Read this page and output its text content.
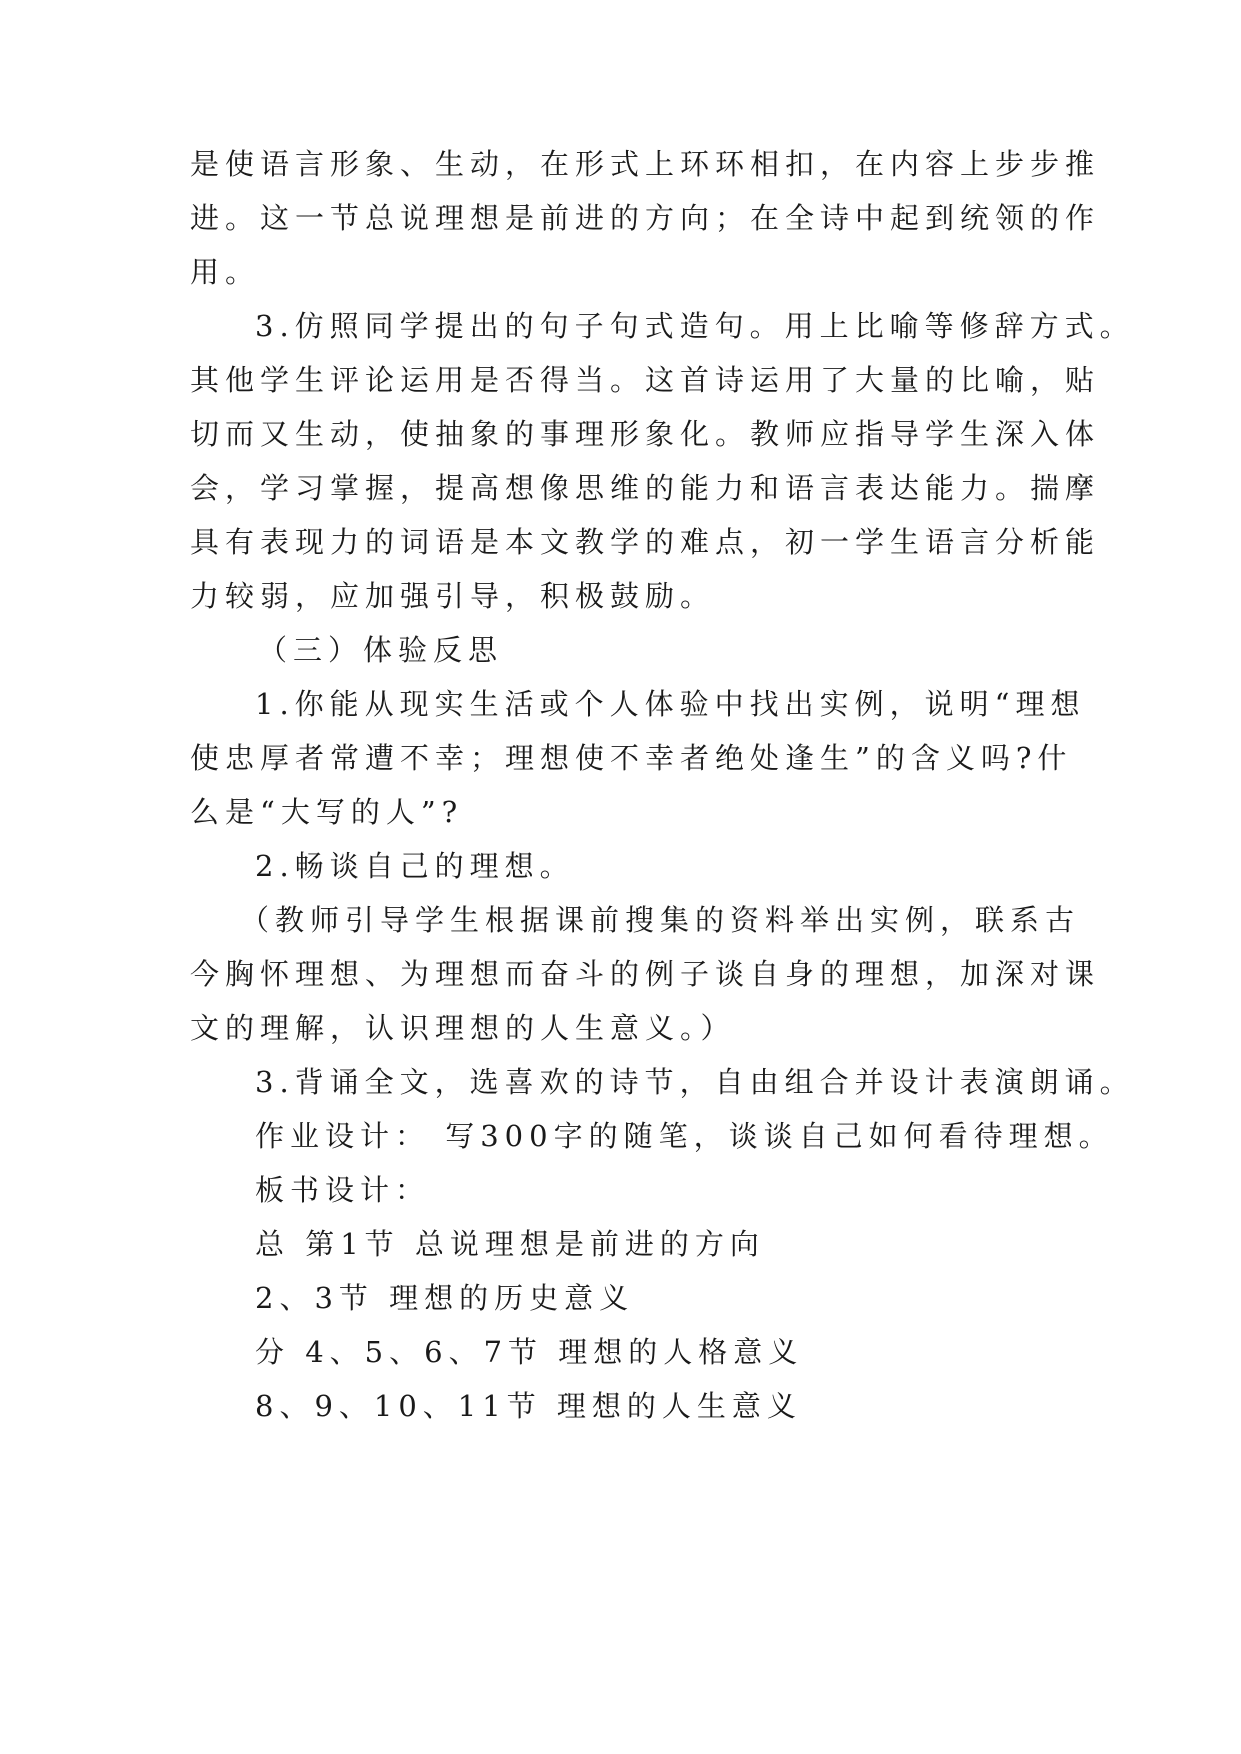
是使语言形象、生动，在形式上环环相扣，在内容上步步推
进。这一节总说理想是前进的方向；在全诗中起到统领的作
用。
3.仿照同学提出的句子句式造句。用上比喻等修辞方式。
其他学生评论运用是否得当。这首诗运用了大量的比喻，贴
切而又生动，使抽象的事理形象化。教师应指导学生深入体
会，学习掌握，提高想像思维的能力和语言表达能力。揣摩
具有表现力的词语是本文教学的难点，初一学生语言分析能
力较弱，应加强引导，积极鼓励。
（三）体验反思
1.你能从现实生活或个人体验中找出实例，说明“理想
使忠厚者常遭不幸；理想使不幸者绝处逢生”的含义吗?什
么是“大写的人”?
2.畅谈自己的理想。
（教师引导学生根据课前搜集的资料举出实例，联系古
今胸怀理想、为理想而奋斗的例子谈自身的理想，加深对课
文的理解，认识理想的人生意义。）
3.背诵全文，选喜欢的诗节，自由组合并设计表演朗诵。
作业设计： 写300字的随笔，谈谈自己如何看待理想。
板书设计：
总 第1节 总说理想是前进的方向
2、3节 理想的历史意义
分 4、5、6、7节 理想的人格意义
8、9、10、11节 理想的人生意义
